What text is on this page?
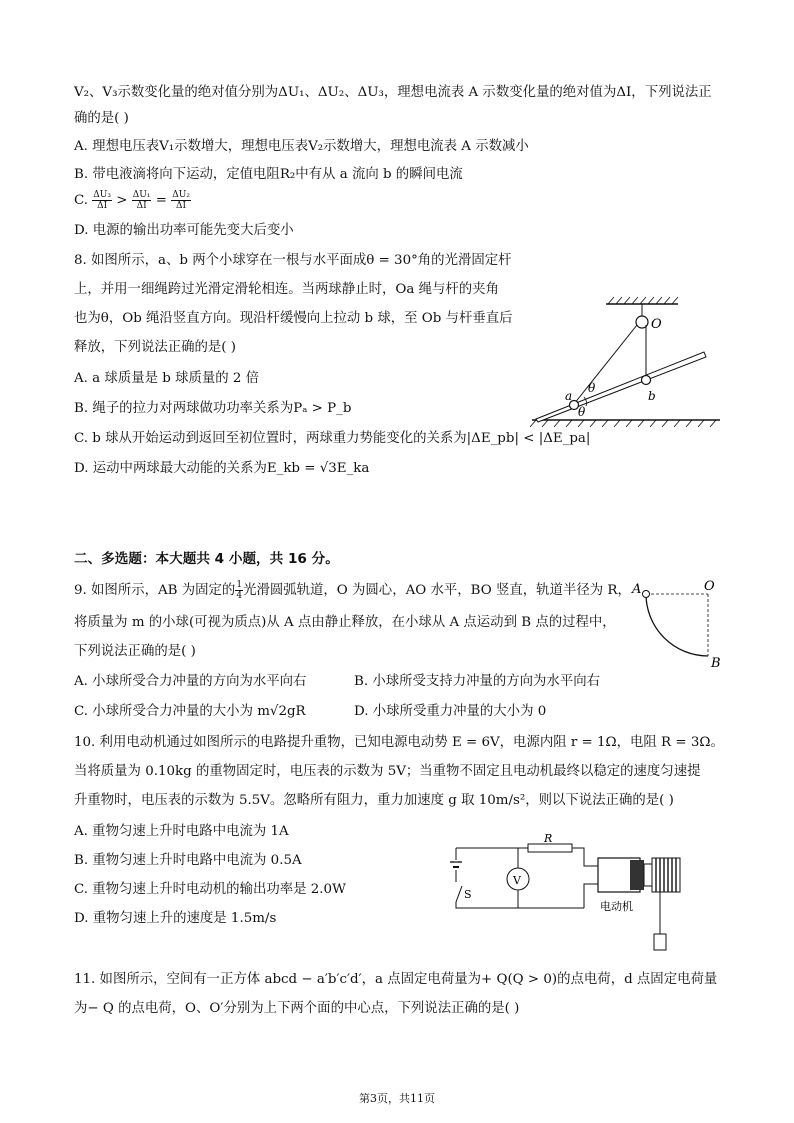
V₂、V₃示数变化量的绝对值分别为ΔU₁、ΔU₂、ΔU₃，理想电流表 A 示数变化量的绝对值为ΔI，下列说法正
确的是( )
A. 理想电压表V₁示数增大，理想电压表V₂示数增大，理想电流表 A 示数减小
B. 带电液滴将向下运动，定值电阻R₂中有从 a 流向 b 的瞬间电流
C. $\frac{\text{ΔU₃}}{\Delta I} > \frac{\text{ΔU₁}}{\Delta I} = \frac{\text{ΔU₂}}{\Delta I}$
D. 电源的输出功率可能先变大后变小
8. 如图所示，a、b 两个小球穿在一根与水平面成θ = 30°角的光滑固定杆
上，并用一细绳跨过光滑定滑轮相连。当两球静止时，Oa 绳与杆的夹角
也为θ，Ob 绳沿竖直方向。现沿杆缓慢向上拉动 b 球，至 Ob 与杆垂直后
释放，下列说法正确的是( )
A. a 球质量是 b 球质量的 2 倍
B. 绳子的拉力对两球做功功率关系为Pₐ > P_b
C. b 球从开始运动到返回至初位置时，两球重力势能变化的关系为|ΔE_pb| < |ΔE_pa|
D. 运动中两球最大动能的关系为E_kb = √3E_ka
O
a	b
θ
θ
二、多选题：本大题共 4 小题，共 16 分。
9. 如图所示，AB 为固定的 $\frac{1}{4}$ 光滑圆弧轨道，O 为圆心，AO 水平，BO 竖直，轨道半径为 R，
将质量为 m 的小球(可视为质点)从 A 点由静止释放，在小球从 A 点运动到 B 点的过程中，
下列说法正确的是( )
A. 小球所受合力冲量的方向为水平向右	B. 小球所受支持力冲量的方向为水平向右
C. 小球所受合力冲量的大小为 m√2gR	D. 小球所受重力冲量的大小为 0
A	O
B
10. 利用电动机通过如图所示的电路提升重物，已知电源电动势 E = 6V，电源内阻 r = 1Ω，电阻 R = 3Ω。
当将质量为 0.10kg 的重物固定时，电压表的示数为 5V；当重物不固定且电动机最终以稳定的速度匀速提
升重物时，电压表的示数为 5.5V。忽略所有阻力，重力加速度 g 取 10m/s²，则以下说法正确的是( )
A. 重物匀速上升时电路中电流为 1A
B. 重物匀速上升时电路中电流为 0.5A
C. 重物匀速上升时电动机的输出功率是 2.0W
D. 重物匀速上升的速度是 1.5m/s
S
V
R
电动机
11. 如图所示，空间有一正方体 abcd − a′b′c′d′，a 点固定电荷量为+ Q(Q > 0)的点电荷，d 点固定电荷量
为− Q 的点电荷，O、O′分别为上下两个面的中心点，下列说法正确的是( )
第3页，共11页
